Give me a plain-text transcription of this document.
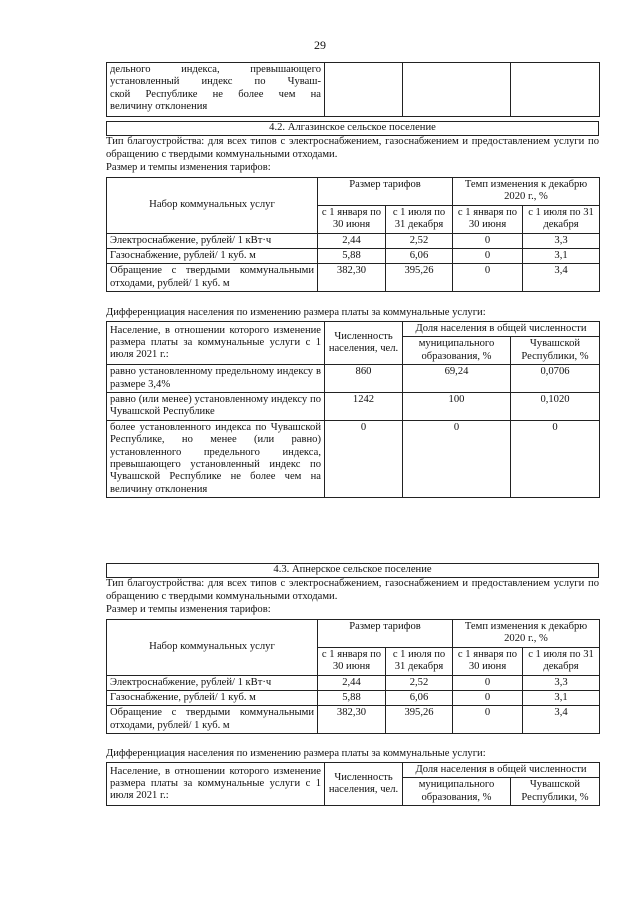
29
дельного индекса, превышающего
установленный индекс по Чуваш-
ской Республике не более чем на
величину отклонения

4.2. Алгазинское сельское поселение
Тип благоустройства: для всех типов с электроснабжением, газоснабжением и предоставлением услуги по обращению с твердыми коммунальными отходами.
Размер и темпы изменения тарифов:
Набор коммунальных услуг	Размер тарифов		Темп изменения к декабрю 2020 г., %	
	с 1 января по 30 июня	с 1 июля по 31 декабря	с 1 января по 30 июня	с 1 июля по 31 декабря
Электроснабжение, рублей/ 1 кВт·ч	2,44	2,52	0	3,3
Газоснабжение, рублей/ 1 куб. м	5,88	6,06	0	3,1
Обращение с твердыми коммунальными отходами, рублей/ 1 куб. м	382,30	395,26	0	3,4
Дифференциация населения по изменению размера платы за коммунальные услуги:
Население, в отношении которого изменение размера платы за коммунальные услуги с 1 июля 2021 г.:	Численность населения, чел.	Доля населения в общей численности	
		муниципального образования, %	Чувашской Республики, %
равно установленному предельному индексу в размере 3,4%	860	69,24	0,0706
равно (или менее) установленному индексу по Чувашской Республике	1242	100	0,1020
более установленного индекса по Чувашской Республике, но менее (или равно) установленного предельного индекса, превышающего установленный индекс по Чувашской Республике не более чем на величину отклонения	0	0	0
4.3. Апнерское сельское поселение
Тип благоустройства: для всех типов с электроснабжением, газоснабжением и предоставлением услуги по обращению с твердыми коммунальными отходами.
Размер и темпы изменения тарифов:
Набор коммунальных услуг	Размер тарифов		Темп изменения к декабрю 2020 г., %	
	с 1 января по 30 июня	с 1 июля по 31 декабря	с 1 января по 30 июня	с 1 июля по 31 декабря
Электроснабжение, рублей/ 1 кВт·ч	2,44	2,52	0	3,3
Газоснабжение, рублей/ 1 куб. м	5,88	6,06	0	3,1
Обращение с твердыми коммунальными отходами, рублей/ 1 куб. м	382,30	395,26	0	3,4
Дифференциация населения по изменению размера платы за коммунальные услуги:
Население, в отношении которого изменение размера платы за коммунальные услуги с 1 июля 2021 г.:	Численность населения, чел.	Доля населения в общей численности	
		муниципального образования, %	Чувашской Республики, %
